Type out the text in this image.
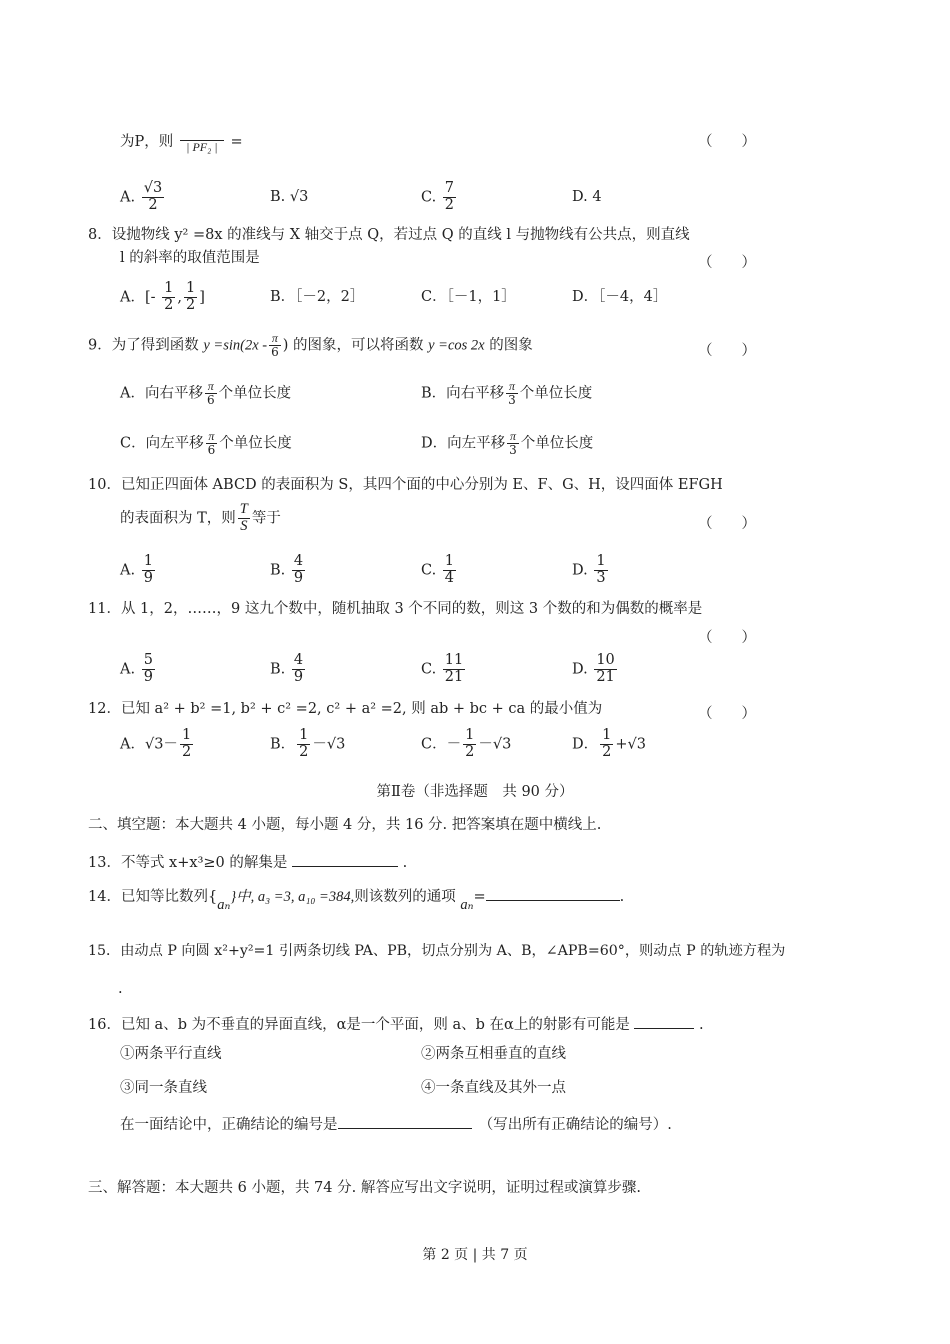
为P，则	| PF₂ | =	（　　）
A. $\frac{√3}{2}$	B. √3	C. $\frac{7}{2}$	D. 4
8．设抛物线 y² =8x 的准线与 X 轴交于点 Q，若过点 Q 的直线 l 与抛物线有公共点，则直线
l 的斜率的取值范围是	（　　）
A．[- $\frac{1}{2}$ , $\frac{1}{2}$ ]	B．［－2，2］	C．［－1，1］	D．［－4，4］
9．为了得到函数 $y =\sin(2x - \frac{\pi}{6}$ ) 的图象，可以将函数 y =cos 2x 的图象	（　　）
A．向右平移 $\frac{\pi}{6}$ 个单位长度	B．向右平移 $\frac{\pi}{3}$ 个单位长度
C．向左平移 $\frac{\pi}{6}$ 个单位长度	D．向左平移 $\frac{\pi}{3}$ 个单位长度
10．已知正四面体 ABCD 的表面积为 S，其四个面的中心分别为 E、F、G、H，设四面体 EFGH
的表面积为 T，则 $\frac{T}{S}$ 等于	（　　）
A. $\frac{1}{9}$	B. $\frac{4}{9}$	C. $\frac{1}{4}$	D. $\frac{1}{3}$
11．从 1，2，……，9 这九个数中，随机抽取 3 个不同的数，则这 3 个数的和为偶数的概率是
（　　）
A. $\frac{5}{9}$	B. $\frac{4}{9}$	C. $\frac{11}{21}$	D. $\frac{10}{21}$
12．已知 a² + b² =1, b² + c² =2, c² + a² =2, 则 ab + bc + ca 的最小值为	（　　）
A．$√3- \frac{1}{2}$	B． $\frac{1}{2} -√3$	C．－ $\frac{1}{2} -√3$	D． $\frac{1}{2} +√3$
第Ⅱ卷（非选择题　共 90 分）
二、填空题：本大题共 4 小题，每小题 4 分，共 16 分. 把答案填在题中横线上.
13．不等式 x+x³≥0 的解集是	.
14．已知等比数列{aₙ}中, a₃ =3, a₁₀ =384,则该数列的通项 aₙ=	.
15．由动点 P 向圆 x²+y²=1 引两条切线 PA、PB，切点分别为 A、B，∠APB=60°，则动点 P 的轨迹方程为
.
16．已知 a、b 为不垂直的异面直线，α是一个平面，则 a、b 在α上的射影有可能是	.
①两条平行直线	②两条互相垂直的直线
③同一条直线	④一条直线及其外一点
在一面结论中，正确结论的编号是　	（写出所有正确结论的编号）.
三、解答题：本大题共 6 小题，共 74 分. 解答应写出文字说明，证明过程或演算步骤.
第 2 页 | 共 7 页
